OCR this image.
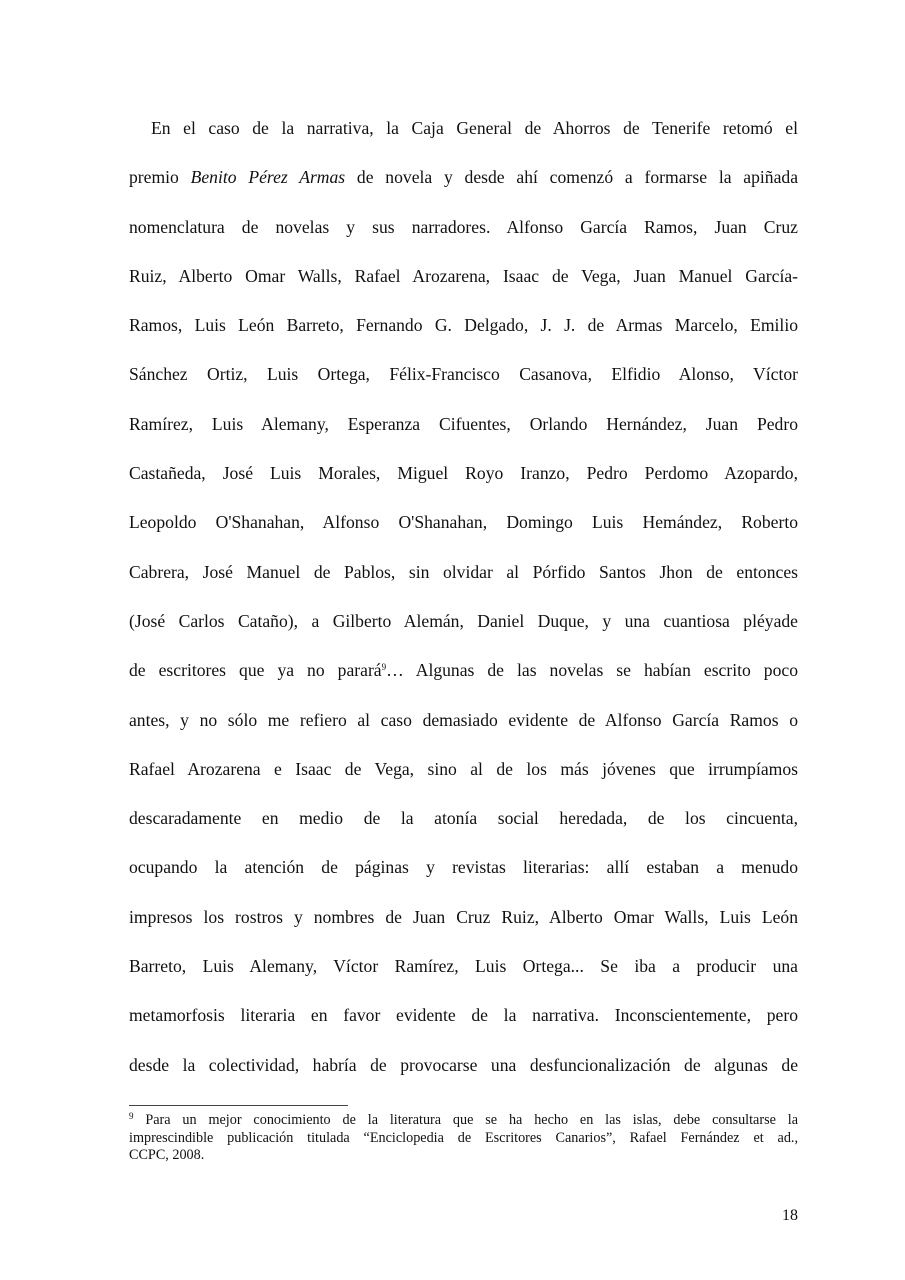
En el caso de la narrativa, la Caja General de Ahorros de Tenerife retomó el
premio Benito Pérez Armas de novela y desde ahí comenzó a formarse la apiñada
nomenclatura de novelas y sus narradores. Alfonso García Ramos, Juan Cruz
Ruiz, Alberto Omar Walls, Rafael Arozarena, Isaac de Vega, Juan Manuel García-
Ramos, Luis León Barreto, Fernando G. Delgado, J. J. de Armas Marcelo, Emilio
Sánchez Ortiz, Luis Ortega, Félix-Francisco Casanova, Elfidio Alonso, Víctor
Ramírez, Luis Alemany, Esperanza Cifuentes, Orlando Hernández, Juan Pedro
Castañeda, José Luis Morales, Miguel Royo Iranzo, Pedro Perdomo Azopardo,
Leopoldo O'Shanahan, Alfonso O'Shanahan, Domingo Luis Hemández, Roberto
Cabrera, José Manuel de Pablos, sin olvidar al Pórfido Santos Jhon de entonces
(José Carlos Cataño), a Gilberto Alemán, Daniel Duque, y una cuantiosa pléyade
de escritores que ya no parará$^9$… Algunas de las novelas se habían escrito poco
antes, y no sólo me refiero al caso demasiado evidente de Alfonso García Ramos o
Rafael Arozarena e Isaac de Vega, sino al de los más jóvenes que irrumpíamos
descaradamente en medio de la atonía social heredada, de los cincuenta,
ocupando la atención de páginas y revistas literarias: allí estaban a menudo
impresos los rostros y nombres de Juan Cruz Ruiz, Alberto Omar Walls, Luis León
Barreto, Luis Alemany, Víctor Ramírez, Luis Ortega... Se iba a producir una
metamorfosis literaria en favor evidente de la narrativa. Inconscientemente, pero
desde la colectividad, habría de provocarse una desfuncionalización de algunas de
$^9$ Para un mejor conocimiento de la literatura que se ha hecho en las islas, debe consultarse la
imprescindible publicación titulada “Enciclopedia de Escritores Canarios”, Rafael Fernández et ad.,
CCPC, 2008.
18
